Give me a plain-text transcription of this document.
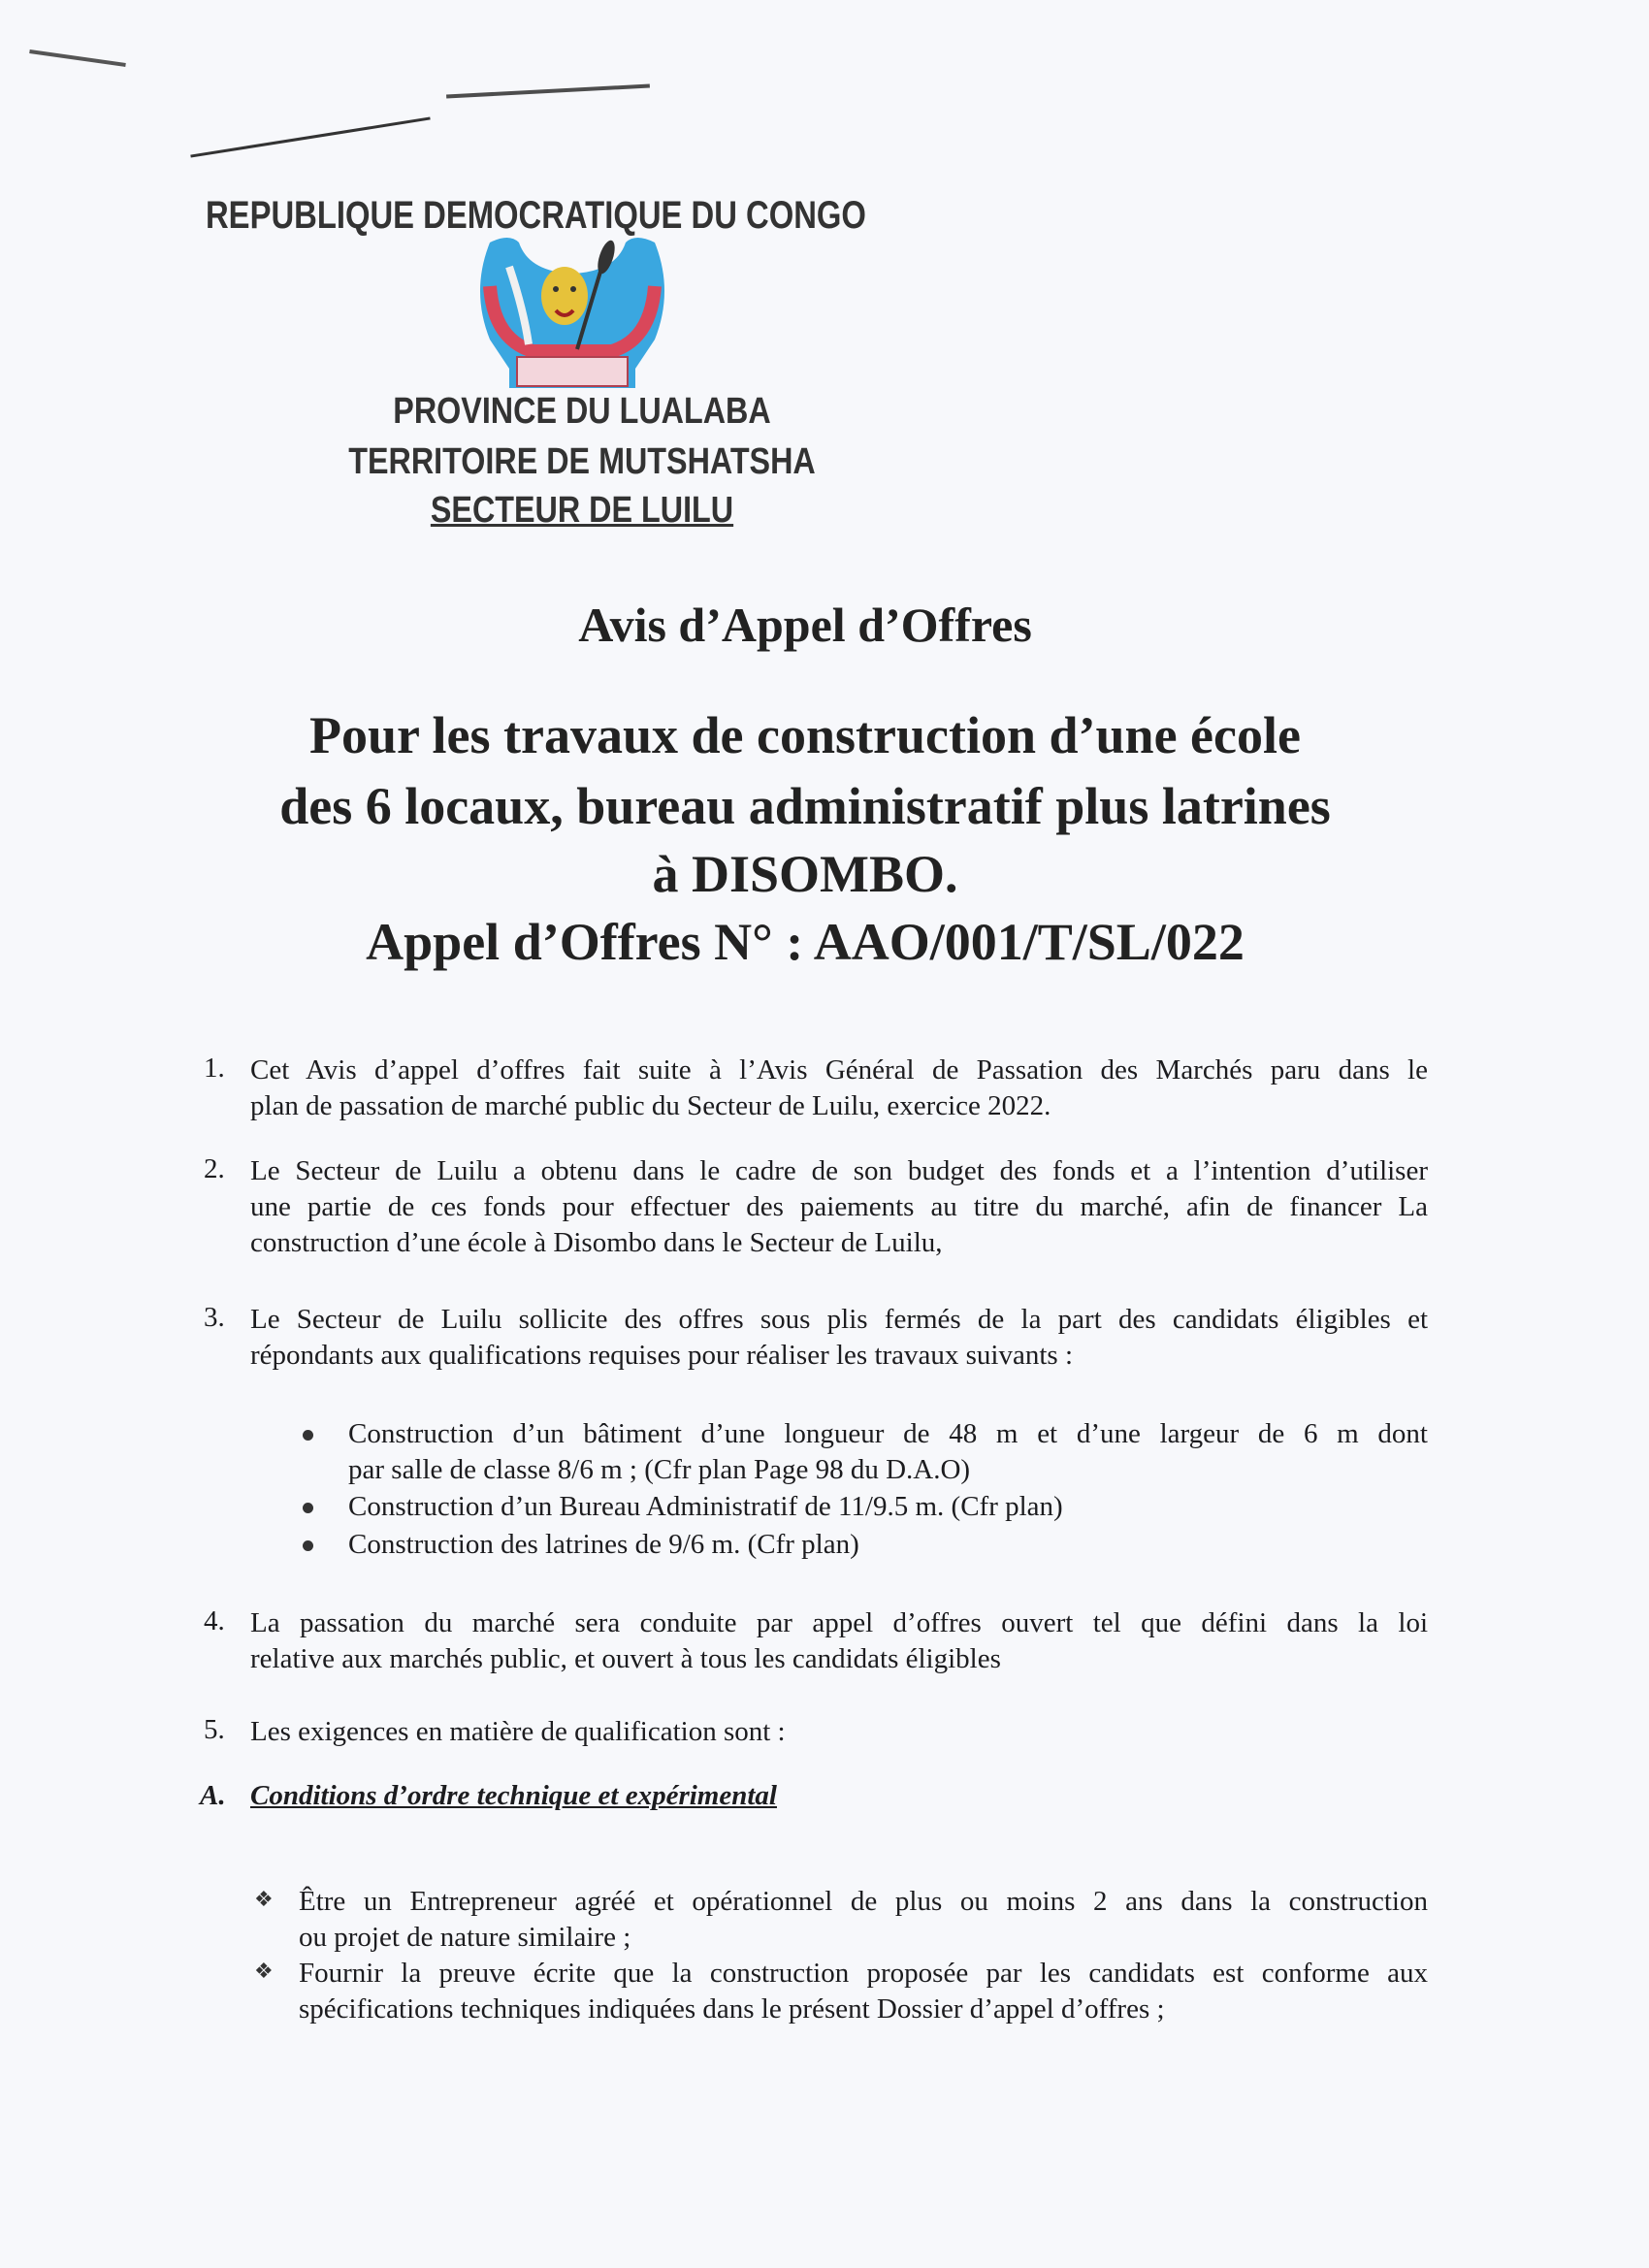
REPUBLIQUE DEMOCRATIQUE DU CONGO
PROVINCE DU LUALABA
TERRITOIRE DE MUTSHATSHA
SECTEUR DE LUILU
Avis d’Appel d’Offres
Pour les travaux de construction d’une école
des 6 locaux, bureau administratif plus latrines
à DISOMBO.
Appel d’Offres N° : AAO/001/T/SL/022
1. Cet Avis d’appel d’offres fait suite à l’Avis Général de Passation des Marchés paru dans le
plan de passation de marché public du Secteur de Luilu, exercice 2022.
2. Le Secteur de Luilu a obtenu dans le cadre de son budget des fonds et a l’intention d’utiliser
une partie de ces fonds pour effectuer des paiements au titre du marché, afin de financer La
construction d’une école à Disombo dans le Secteur de Luilu,
3. Le Secteur de Luilu sollicite des offres sous plis fermés de la part des candidats éligibles et
répondants aux qualifications requises pour réaliser les travaux suivants :
Construction d’un bâtiment d’une longueur de 48 m et d’une largeur de 6 m dont
par salle de classe 8/6 m ; (Cfr plan Page 98 du D.A.O)
Construction d’un Bureau Administratif de 11/9.5 m. (Cfr plan)
Construction des latrines de 9/6 m. (Cfr plan)
4. La passation du marché sera conduite par appel d’offres ouvert tel que défini dans la loi
relative aux marchés public, et ouvert à tous les candidats éligibles
5. Les exigences en matière de qualification sont :
A. Conditions d’ordre technique et expérimental
❖ Être un Entrepreneur agréé et opérationnel de plus ou moins 2 ans dans la construction
ou projet de nature similaire ;
❖ Fournir la preuve écrite que la construction proposée par les candidats est conforme aux
spécifications techniques indiquées dans le présent Dossier d’appel d’offres ;
